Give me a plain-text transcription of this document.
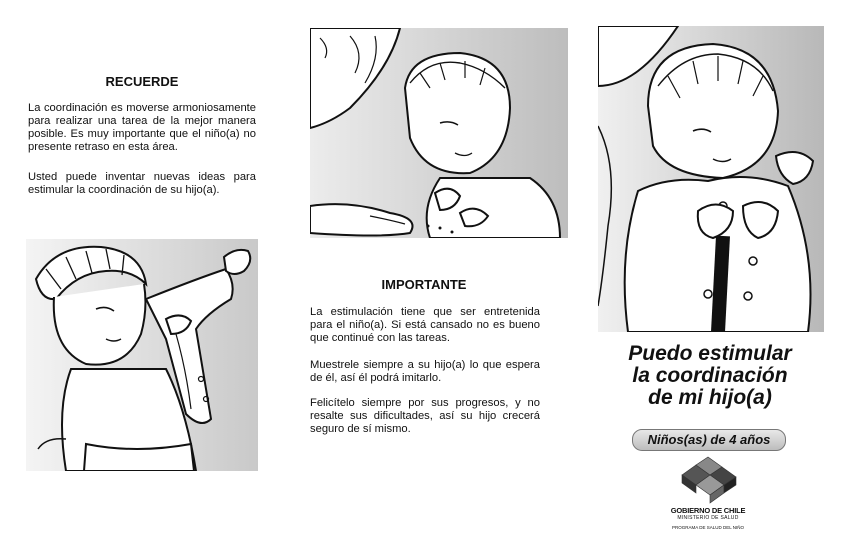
RECUERDE

La coordinación es moverse armoniosamente para realizar una tarea de la mejor manera posible. Es muy importante que el niño(a) no presente retraso en esta área.

Usted puede inventar nuevas ideas para estimular la coordinación de su hijo(a).

IMPORTANTE

La estimulación tiene que ser entretenida para el niño(a). Si está cansado no es bueno que continué con las tareas.

Muestrele siempre a su hijo(a) lo que espera de él, así él podrá imitarlo.

Felicítelo siempre por sus progresos, y no resalte sus dificultades, así su hijo crecerá seguro de sí mismo.

Puedo estimular
la coordinación
de mi hijo(a)
Niños(as) de 4 años
GOBIERNO DE CHILE
MINISTERIO DE SALUD
PROGRAMA DE SALUD DEL NIÑO
